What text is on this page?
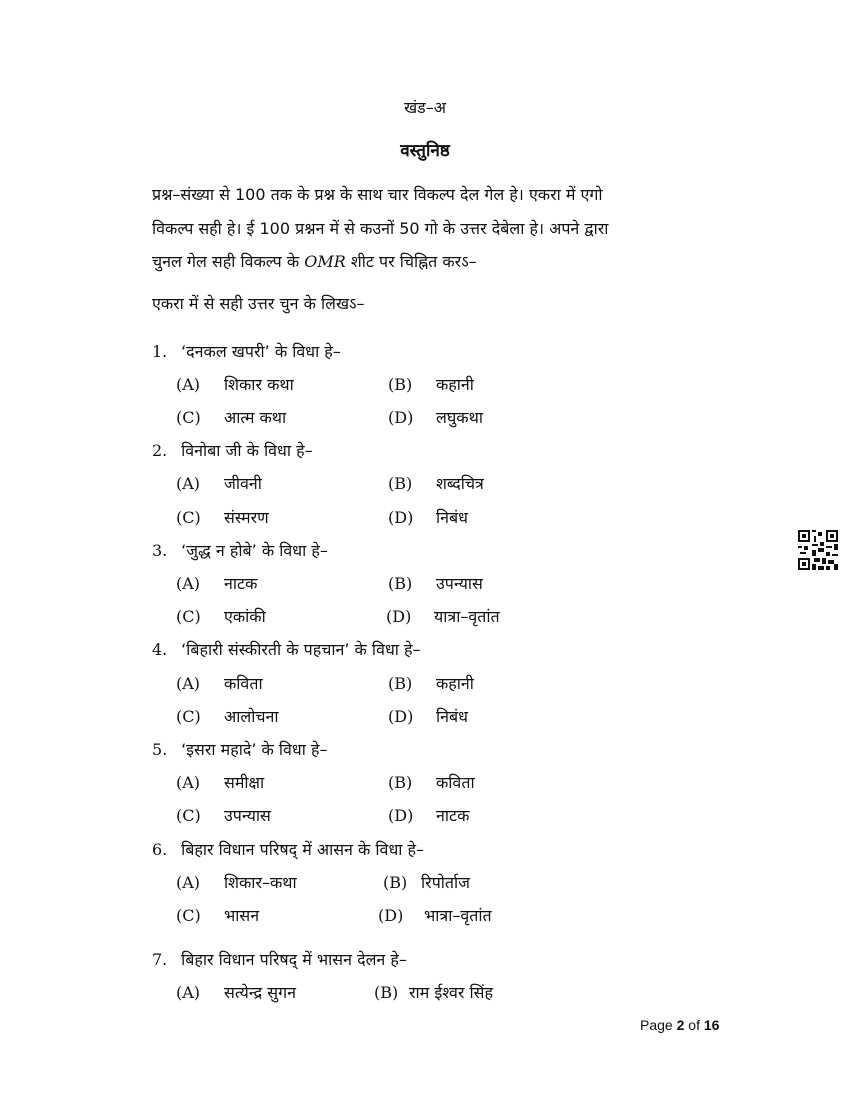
खंड–अ
वस्तुनिष्ठ
प्रश्न–संख्या से 100 तक के प्रश्न के साथ चार विकल्प देल गेल हे। एकरा में एगो
विकल्प सही हे। ई 100 प्रश्नन में से कउनों 50 गो के उत्तर देबेला हे। अपने द्वारा
चुनल गेल सही विकल्प के OMR शीट पर चिह्नित करऽ–
एकरा में से सही उत्तर चुन के लिखऽ–
1. ‘दनकल खपरी’ के विधा हे–
(A) शिकार कथा	(B) कहानी
(C) आत्म कथा	(D) लघुकथा
2. विनोबा जी के विधा हे–
(A) जीवनी	(B) शब्दचित्र
(C) संस्मरण	(D) निबंध
3. ‘जुद्ध न होबे’ के विधा हे–
(A) नाटक	(B) उपन्यास
(C) एकांकी	(D) यात्रा–वृतांत
4. ‘बिहारी संस्कीरती के पहचान’ के विधा हे–
(A) कविता	(B) कहानी
(C) आलोचना	(D) निबंध
5. ‘इसरा महादे’ के विधा हे–
(A) समीक्षा	(B) कविता
(C) उपन्यास	(D) नाटक
6. बिहार विधान परिषद् में आसन के विधा हे–
(A) शिकार–कथा	(B) रिपोर्ताज
(C) भासन	(D) भात्रा–वृतांत
7. बिहार विधान परिषद् में भासन देलन हे–
(A) सत्येन्द्र सुगन	(B) राम ईश्वर सिंह
Page 2 of 16
